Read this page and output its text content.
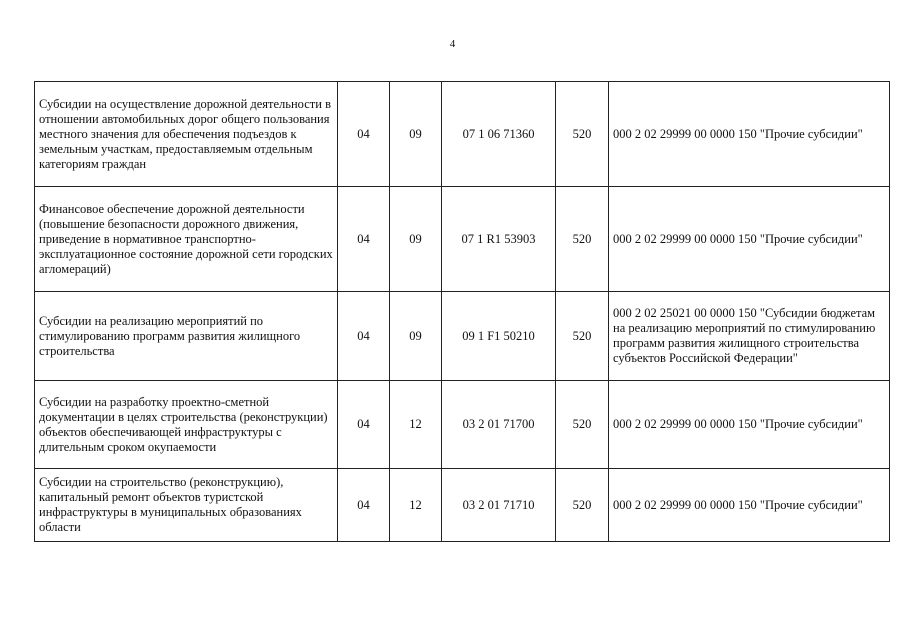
4
Субсидии на осуществление дорожной деятельности в отношении автомобильных дорог общего пользования местного значения для обеспечения подъездов к земельным участкам, предоставляемым отдельным категориям граждан	04	09	07 1 06 71360	520	000 2 02 29999 00 0000 150 "Прочие субсидии"
Финансовое обеспечение дорожной деятельности (повышение безопасности дорожного движения, приведение в нормативное транспортно-эксплуатационное состояние дорожной сети городских агломераций)	04	09	07 1 R1 53903	520	000 2 02 29999 00 0000 150 "Прочие субсидии"
Субсидии на реализацию мероприятий по стимулированию программ развития жилищного строительства	04	09	09 1 F1 50210	520	000 2 02 25021 00 0000 150 "Субсидии бюджетам на реализацию мероприятий по стимулированию программ развития жилищного строительства субъектов Российской Федерации"
Субсидии на разработку проектно-сметной документации в целях строительства (реконструкции) объектов обеспечивающей инфраструктуры с длительным сроком окупаемости	04	12	03 2 01 71700	520	000 2 02 29999 00 0000 150 "Прочие субсидии"
Субсидии на строительство (реконструкцию), капитальный ремонт объектов туристской инфраструктуры в муниципальных образованиях области	04	12	03 2 01 71710	520	000 2 02 29999 00 0000 150 "Прочие субсидии"
